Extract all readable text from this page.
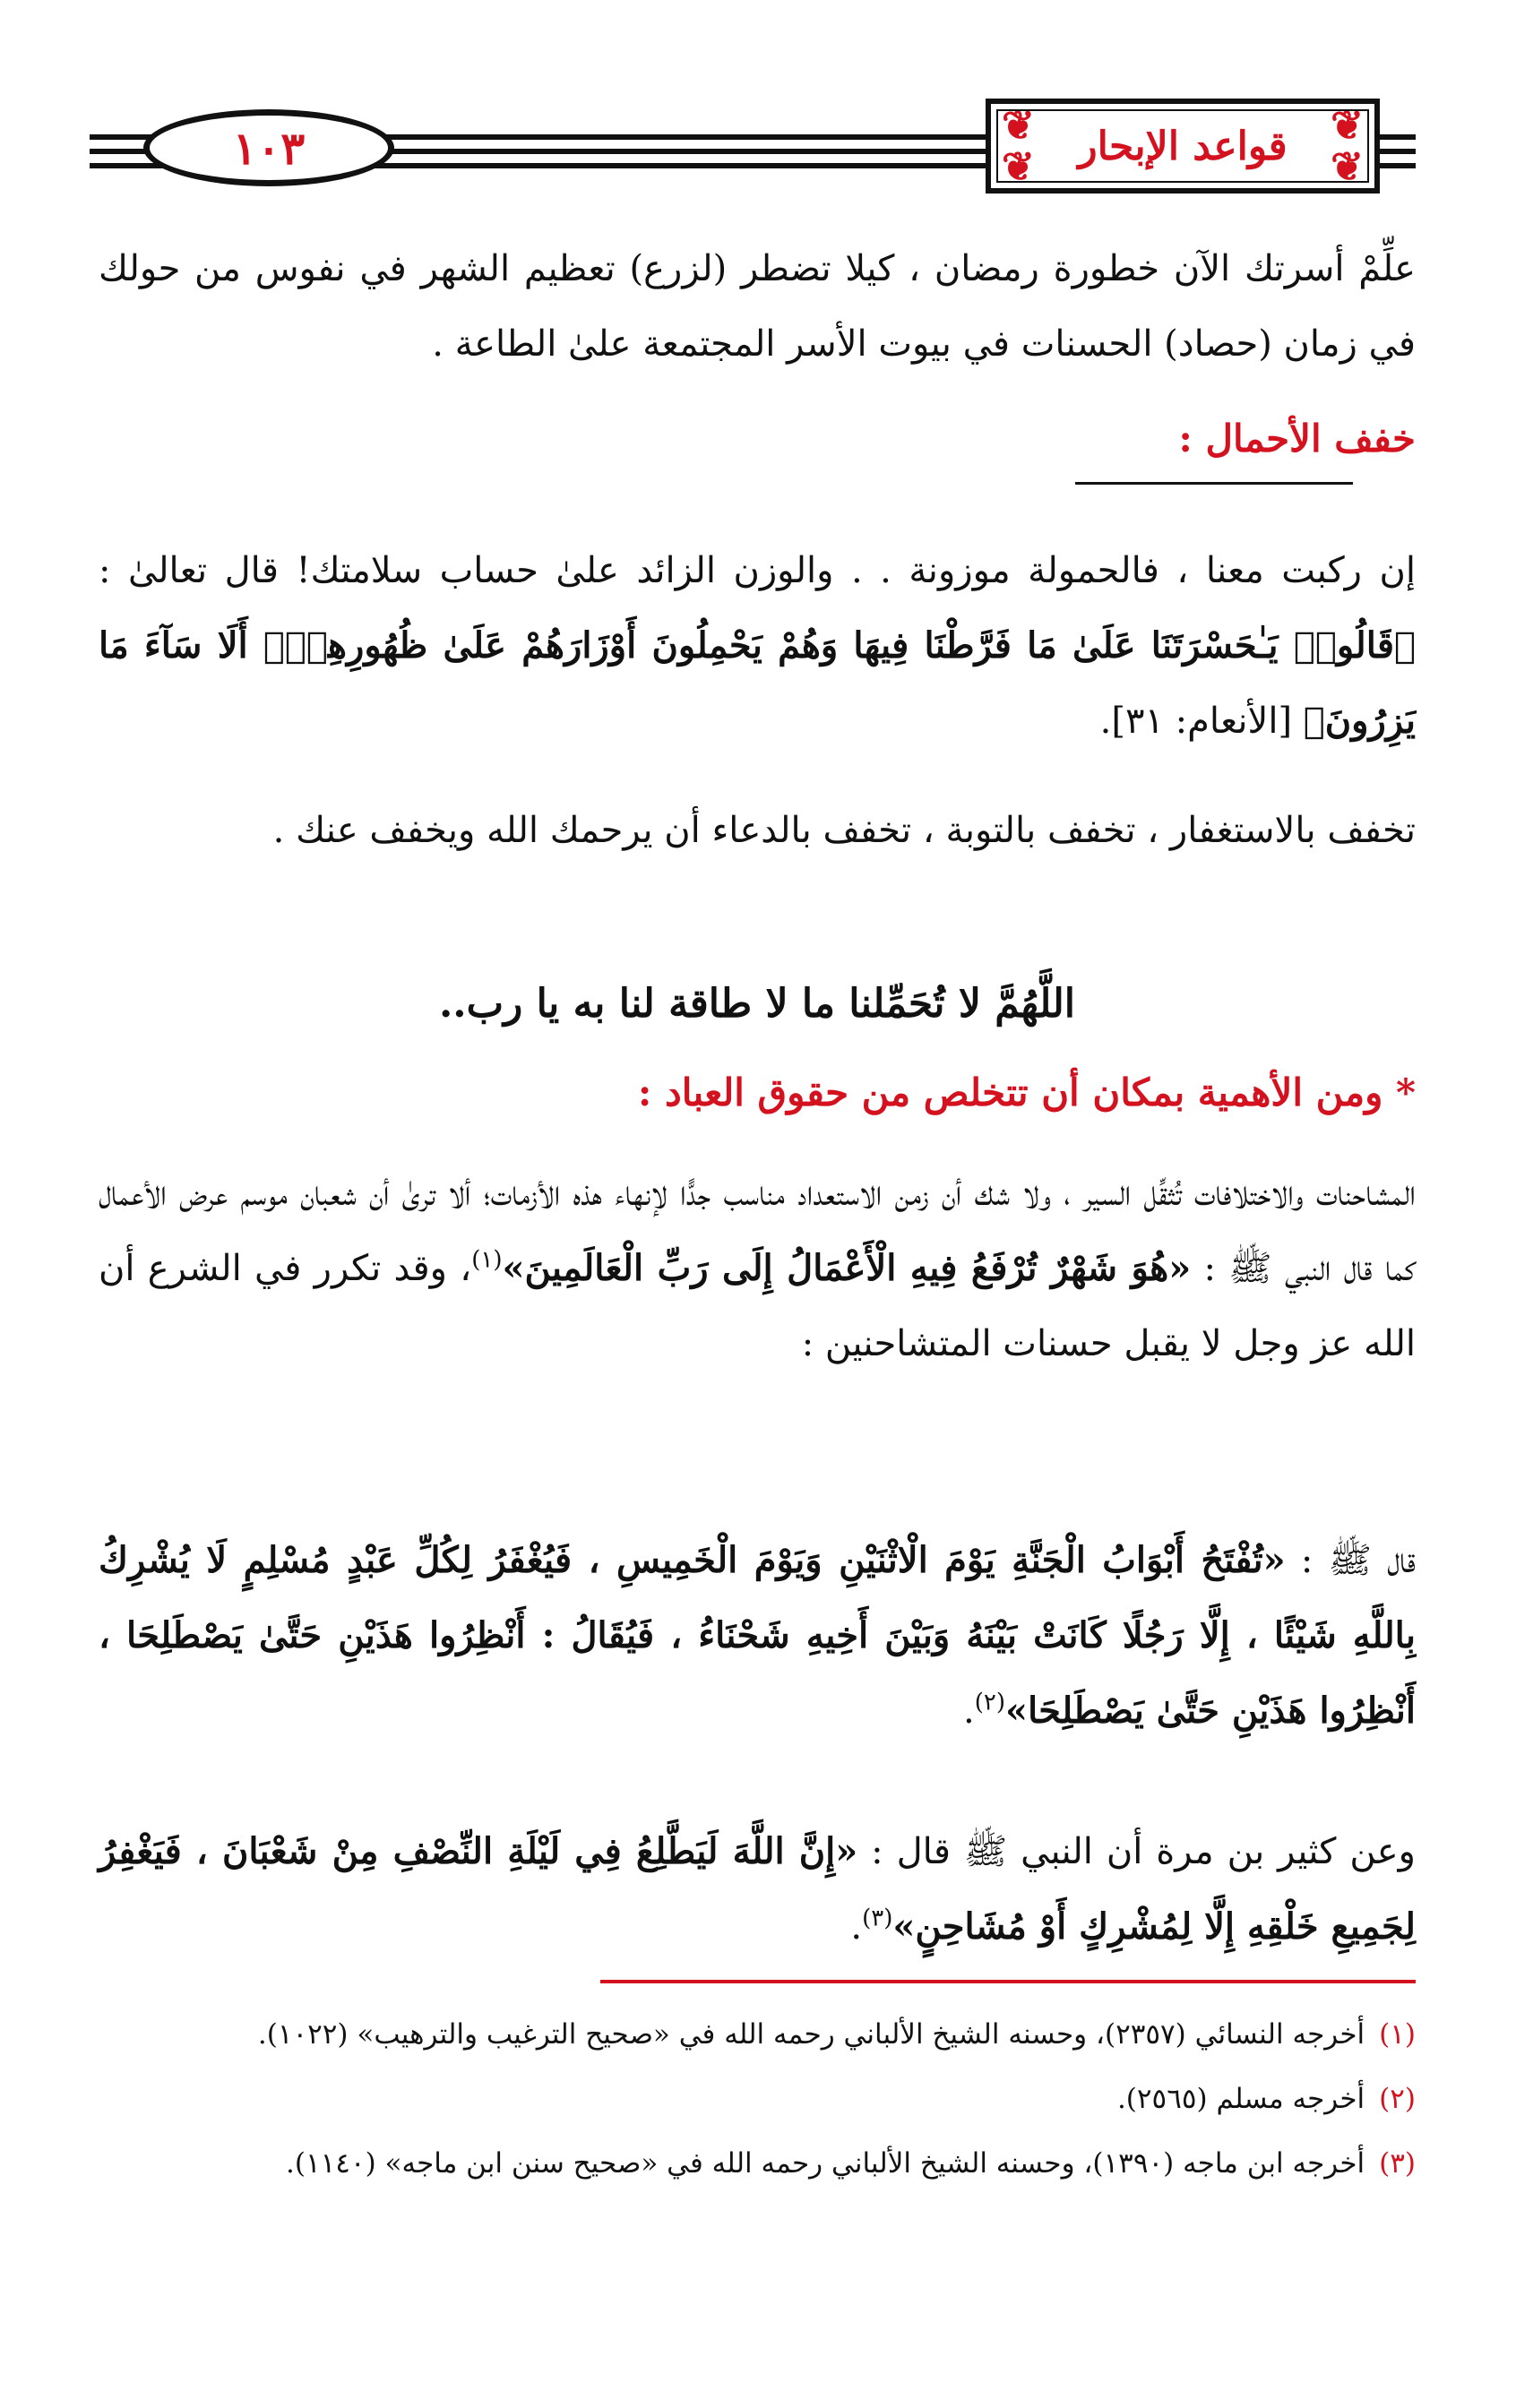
١٠٣	❦	❦
❦	❦
قواعد الإبحار
علِّمْ أسرتك الآن خطورة رمضان ، كيلا تضطر (لزرع) تعظيم الشهر في نفوس من حولك في زمان (حصاد) الحسنات في بيوت الأسر المجتمعة علىٰ الطاعة .
خفف الأحمال :
إن ركبت معنا ، فالحمولة موزونة . . والوزن الزائد علىٰ حساب سلامتك! قال تعالىٰ : ﴿قَالُوا۟ يَـٰحَسْرَتَنَا عَلَىٰ مَا فَرَّطْنَا فِيهَا وَهُمْ يَحْمِلُونَ أَوْزَارَهُمْ عَلَىٰ ظُهُورِهِمْۚ أَلَا سَآءَ مَا يَزِرُونَ﴾ [الأنعام: ٣١].
تخفف بالاستغفار ، تخفف بالتوبة ، تخفف بالدعاء أن يرحمك الله ويخفف عنك .
اللَّهُمَّ لا تُحَمِّلنا ما لا طاقة لنا به يا رب..
* ومن الأهمية بمكان أن تتخلص من حقوق العباد :
المشاحنات والاختلافات تُثقِّل السير ، ولا شك أن زمن الاستعداد مناسب جدًّا لإنهاء هذه الأزمات؛ ألا ترىٰ أن شعبان موسم عرض الأعمال كما قال النبي ﷺ : «هُوَ شَهْرٌ تُرْفَعُ فِيهِ الْأَعْمَالُ إِلَى رَبِّ الْعَالَمِينَ»$^{(١)}$، وقد تكرر في الشرع أن الله عز وجل لا يقبل حسنات المتشاحنين :
قال ﷺ : «تُفْتَحُ أَبْوَابُ الْجَنَّةِ يَوْمَ الْاثْنَيْنِ وَيَوْمَ الْخَمِيسِ ، فَيُغْفَرُ لِكُلِّ عَبْدٍ مُسْلِمٍ لَا يُشْرِكُ بِاللَّهِ شَيْئًا ، إِلَّا رَجُلًا كَانَتْ بَيْنَهُ وَبَيْنَ أَخِيهِ شَحْنَاءُ ، فَيُقَالُ : أَنْظِرُوا هَذَيْنِ حَتَّىٰ يَصْطَلِحَا ، أَنْظِرُوا هَذَيْنِ حَتَّىٰ يَصْطَلِحَا»$^{(٢)}$.
وعن كثير بن مرة أن النبي ﷺ قال : «إِنَّ اللَّهَ لَيَطَّلِعُ فِي لَيْلَةِ النِّصْفِ مِنْ شَعْبَانَ ، فَيَغْفِرُ لِجَمِيعِ خَلْقِهِ إِلَّا لِمُشْرِكٍ أَوْ مُشَاحِنٍ»$^{(٣)}$.
(١)أخرجه النسائي (٢٣٥٧)، وحسنه الشيخ الألباني رحمه الله في «صحيح الترغيب والترهيب» (١٠٢٢).
(٢)أخرجه مسلم (٢٥٦٥).
(٣)أخرجه ابن ماجه (١٣٩٠)، وحسنه الشيخ الألباني رحمه الله في «صحيح سنن ابن ماجه» (١١٤٠).
